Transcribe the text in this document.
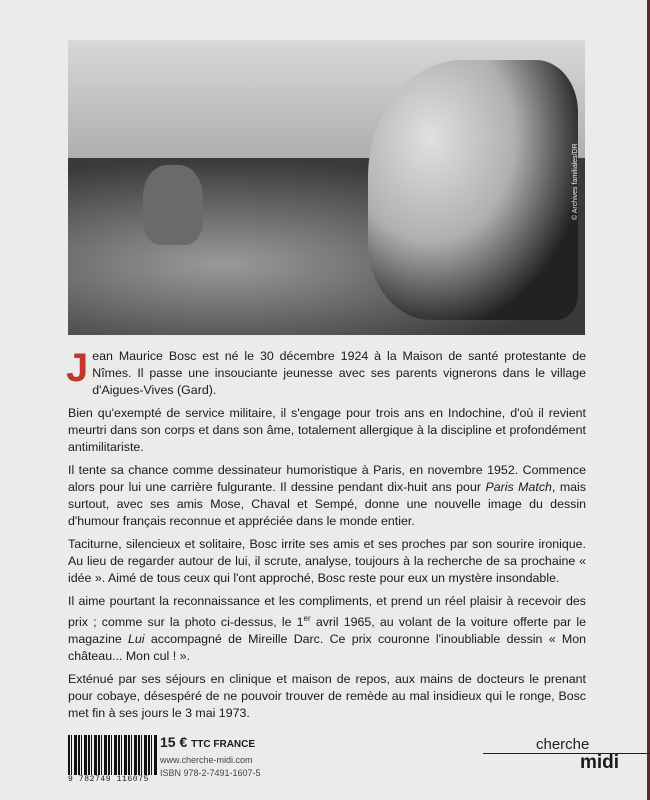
© Archives familiales/DR

Jean Maurice Bosc est né le 30 décembre 1924 à la Maison de santé protestante de Nîmes. Il passe une insouciante jeunesse avec ses parents vignerons dans le village d'Aigues-Vives (Gard).

Bien qu'exempté de service militaire, il s'engage pour trois ans en Indochine, d'où il revient meurtri dans son corps et dans son âme, totalement allergique à la discipline et profondément antimilitariste.

Il tente sa chance comme dessinateur humoristique à Paris, en novembre 1952. Commence alors pour lui une carrière fulgurante. Il dessine pendant dix-huit ans pour Paris Match, mais surtout, avec ses amis Mose, Chaval et Sempé, donne une nouvelle image du dessin d'humour français reconnue et appréciée dans le monde entier.

Taciturne, silencieux et solitaire, Bosc irrite ses amis et ses proches par son sourire ironique. Au lieu de regarder autour de lui, il scrute, analyse, toujours à la recherche de sa prochaine « idée ». Aimé de tous ceux qui l'ont approché, Bosc reste pour eux un mystère insondable.

Il aime pourtant la reconnaissance et les compliments, et prend un réel plaisir à recevoir des prix ; comme sur la photo ci-dessus, le 1er avril 1965, au volant de la voiture offerte par le magazine Lui accompagné de Mireille Darc. Ce prix couronne l'inoubliable dessin « Mon château... Mon cul ! ».

Exténué par ses séjours en clinique et maison de repos, aux mains de docteurs le prenant pour cobaye, désespéré de ne pouvoir trouver de remède au mal insidieux qui le ronge, Bosc met fin à ses jours le 3 mai 1973.

9 782749 116075
15 € TTC FRANCE
www.cherche-midi.com
ISBN 978-2-7491-1607-5
cherche
midi
